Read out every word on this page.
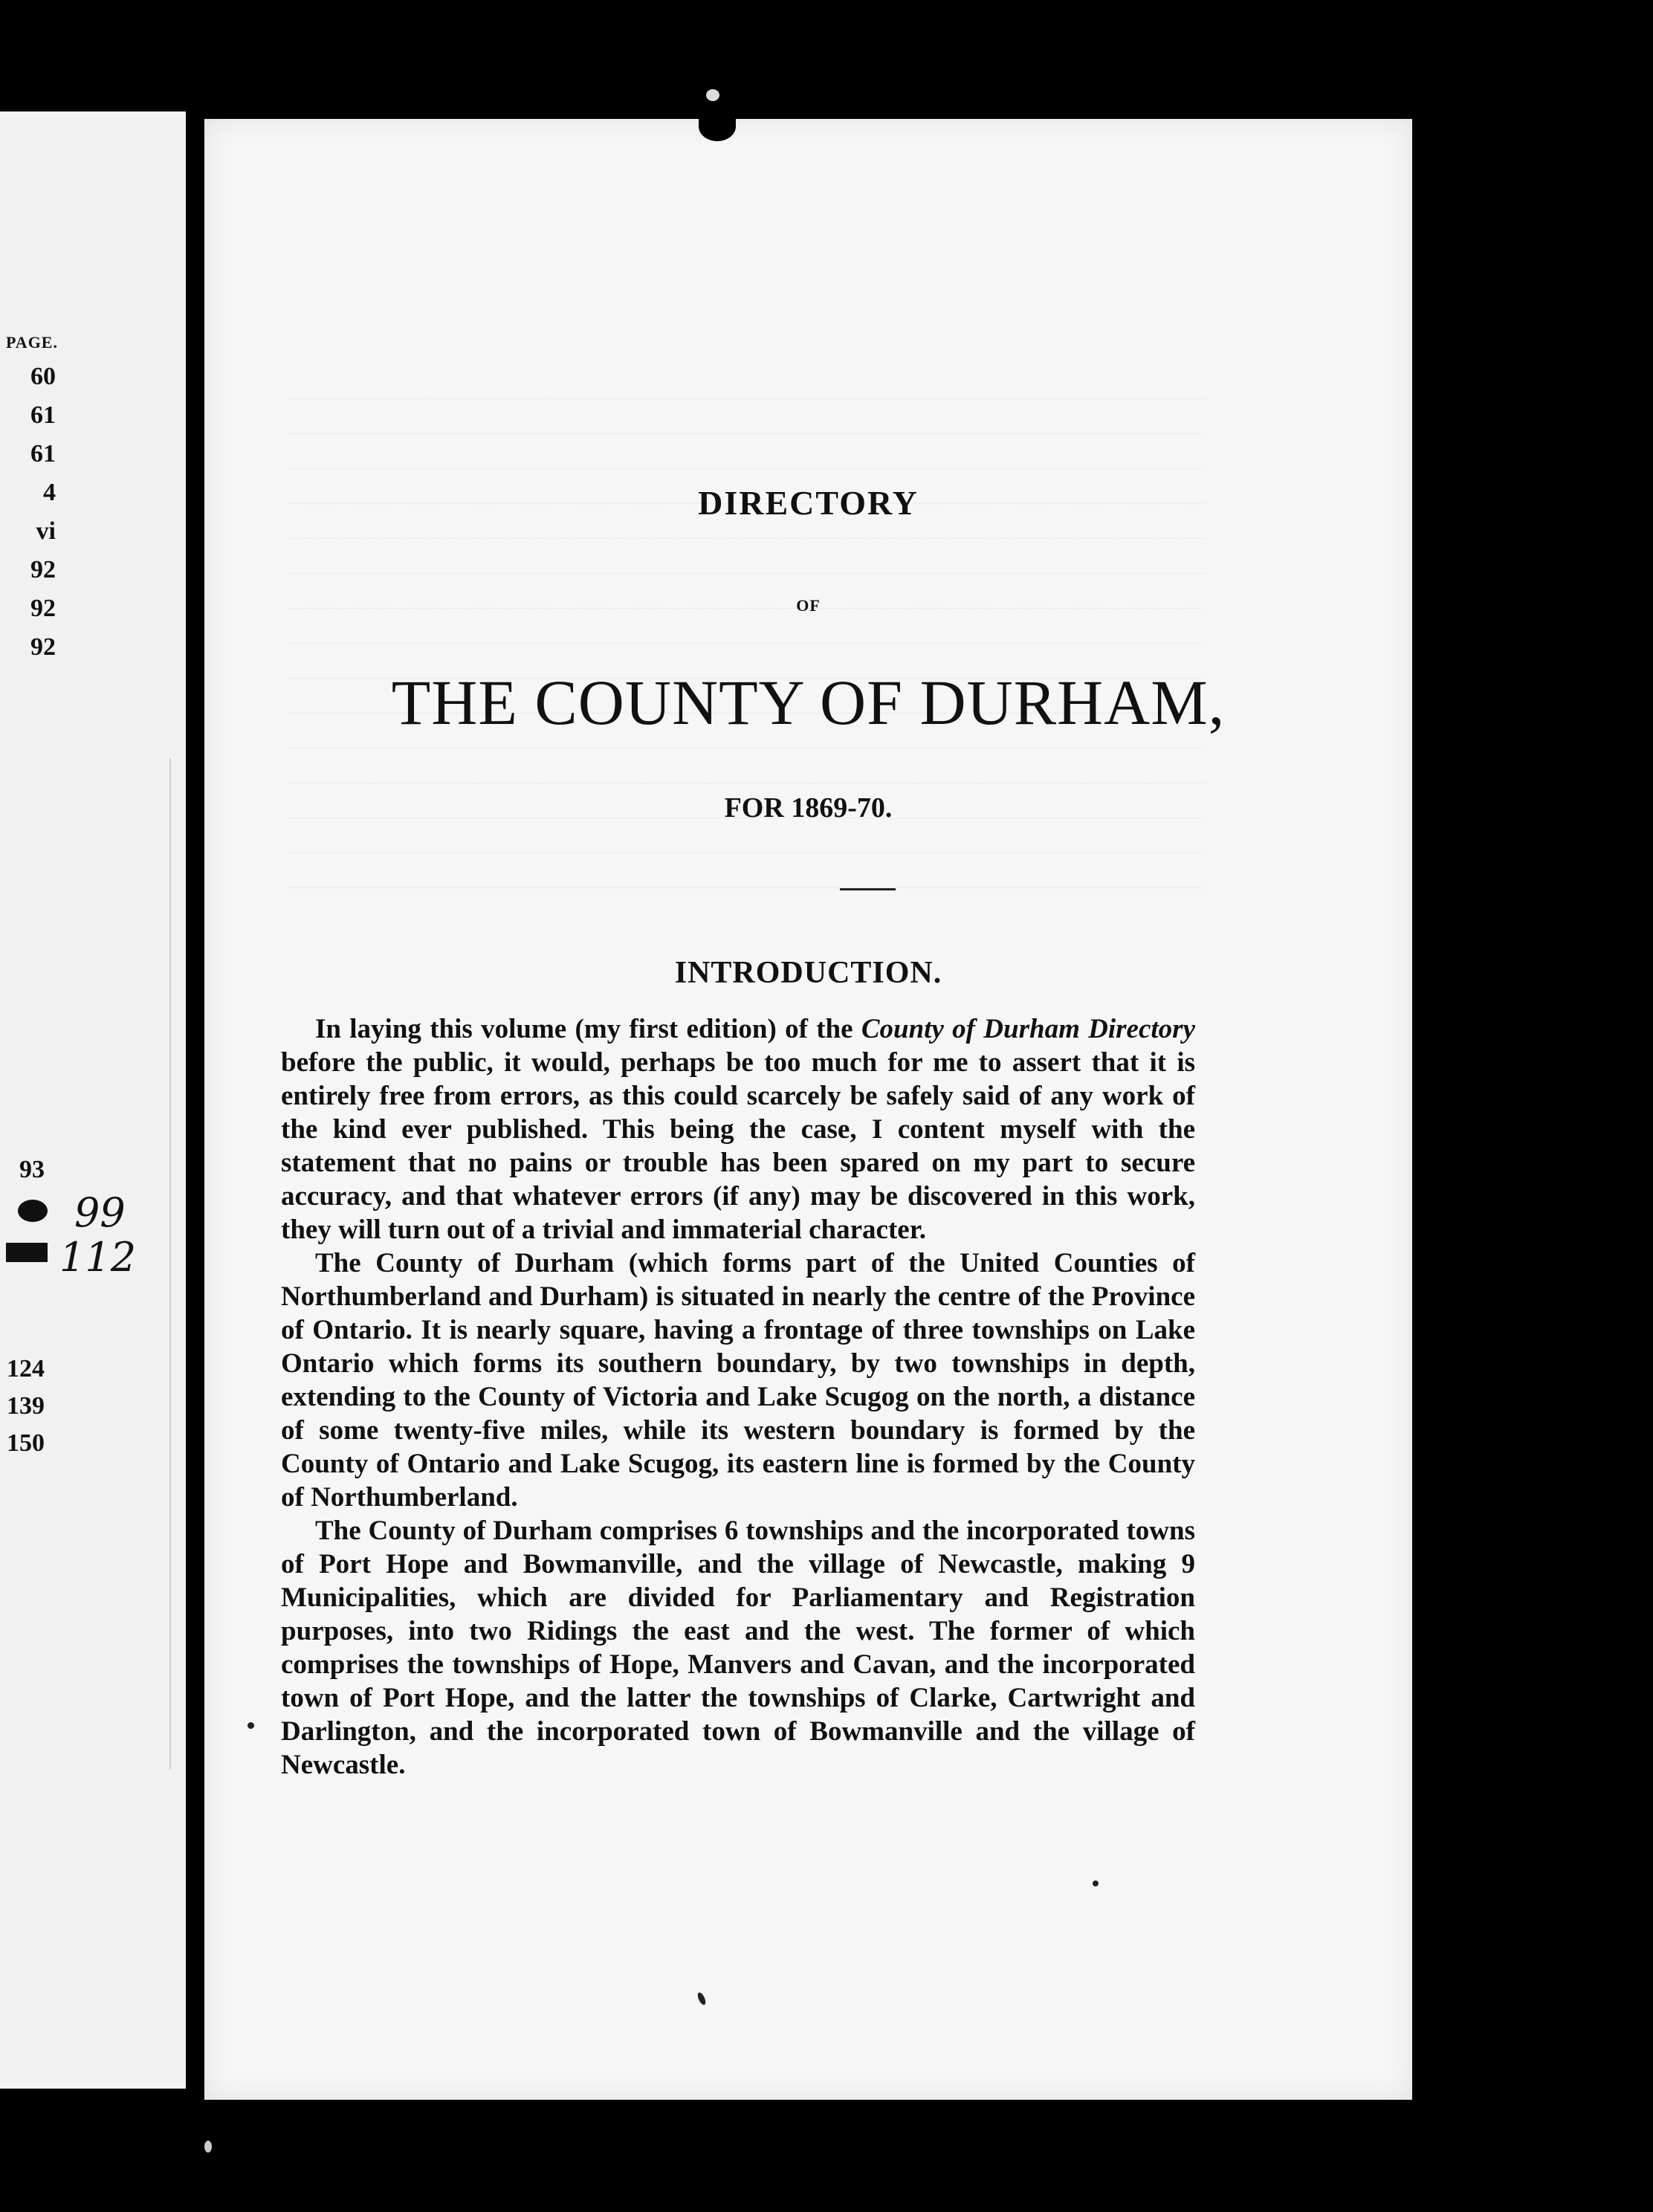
PAGE.
60
61
61
4
vi
92
92
92
93
124
139
150
99
112
DIRECTORY
OF
THE COUNTY OF DURHAM,
FOR 1869-70.
INTRODUCTION.

In laying this volume (my first edition) of the County of Durham Directory before the public, it would, perhaps be too much for me to assert that it is entirely free from errors, as this could scarcely be safely said of any work of the kind ever published. This being the case, I content myself with the statement that no pains or trouble has been spared on my part to secure accuracy, and that whatever errors (if any) may be discovered in this work, they will turn out of a trivial and immaterial character.

The County of Durham (which forms part of the United Counties of Northumberland and Durham) is situated in nearly the centre of the Province of Ontario. It is nearly square, having a frontage of three townships on Lake Ontario which forms its southern boundary, by two townships in depth, extending to the County of Victoria and Lake Scugog on the north, a distance of some twenty-five miles, while its western boundary is formed by the County of Ontario and Lake Scugog, its eastern line is formed by the County of Northumberland.

The County of Durham comprises 6 townships and the incorporated towns of Port Hope and Bowmanville, and the village of Newcastle, making 9 Municipalities, which are divided for Parliamentary and Registration purposes, into two Ridings the east and the west. The former of which comprises the townships of Hope, Manvers and Cavan, and the incorporated town of Port Hope, and the latter the townships of Clarke, Cartwright and Darlington, and the incorporated town of Bowmanville and the village of Newcastle.
